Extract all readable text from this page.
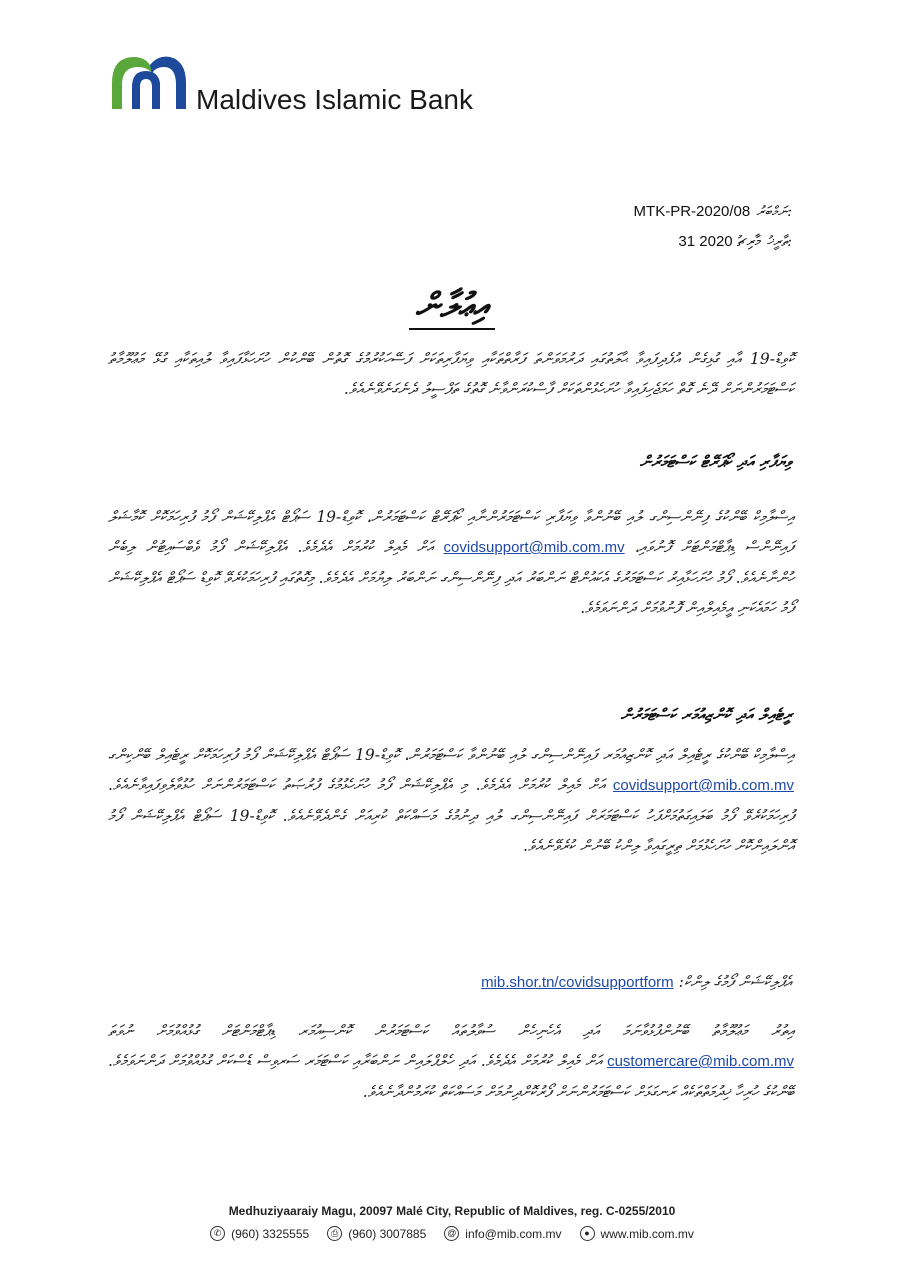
Maldives Islamic Bank
MTK-PR-2020/08 ނަމްބަރު:
31 މާރިޗު 2020 ތާރީޚު:
އިޢުލާން
ކޮވިޑް-19 އާއި ގުޅިގެން އުފެދިފައިވާ ޙާލަތުގައި ދަރުމަވަންތަ ފަރާތްތަކާއި ވިޔަފާރިތަކަށް ފަސޭހަކުރުމުގެ ގޮތުން ބޭންކުން ހުށަހަޅާފައިވާ ލުއިތަކާއި ގުޅޭ މަޢުލޫމާތު ކަސްޓަމަރުންނަށް ދޭނެ ގޮތް ހަމަޖެހިފައިވާ ހުށަހެޅުންތަކަށް ފާސްކުރަންވާނެ ގޮތުގެ ތަފްސީލު ދެނެގަނެވޭނެއެވެ.
ވިޔަފާރި އަދި ކޯޕަރޭޓް ކަސްޓަމަރުން
އިސްލާމިކް ބޭންކުގެ ފިނޭންސިންގ ލުއި ބޭނުންވާ ވިޔަފާރި ކަސްޓަމަރުންނާއި ކޯޕަރޭޓް ކަސްޓަމަރުން، ކޮވިޑް-19 ސަޕޯޓް އެޕްލިކޭޝަން ފޯމު ފުރިހަމަކޮށް ކޮމާޝަލް ފައިނޭންސް ޑިޕާޓްމަންޓަށް ފޮނުވައި، covidsupport@mib.com.mv އަށް މެއިލް ކުރުމަށް އެދެމެވެ. އެޕްލިކޭޝަން ފޯމު ވެބްސައިޓުން ލިބެން ހުންނާނެއެވެ. ފޯމު ހުށަހަޅާއިރު ކަސްޓަމަރުގެ އެކައުންޓް ނަންބަރު އަދި ފިނޭންސިންގ ނަންބަރު ލިޔުމަށް އެދެމެވެ. މިގޮތުގައި ފުރިހަމަކުރެވޭ ކޮވިޑް ސަޕޯޓް އެޕްލިކޭޝަން ފޯމު ހަމައެކަނި އީމެއިލްއިން ފޮނުވުމަށް ދަންނަވަމެވެ.
ރީޓެއިލް އަދި ކޮންޒިއުމަރ ކަސްޓަމަރުން
އިސްލާމިކް ބޭންކުގެ ރީޓެއިލް އަދި ކޮންޒިއުމަރ ފައިނޭންސިންގ ލުއި ބޭނުންވާ ކަސްޓަމަރުން، ކޮވިޑް-19 ސަޕޯޓް އެޕްލިކޭޝަން ފޯމު ފުރިހަމަކޮށް ރީޓެއިލް ބޭންކިންގ covidsupport@mib.com.mv އަށް މެއިލް ކުރުމަށް އެދެމެވެ. މި އެޕްލިކޭޝަން ފޯމު ހުށަހެޅުމުގެ ފުރުޞަތު ކަސްޓަމަރުންނަށް ހުޅުވާލެވިފައިވާނެއެވެ. ފުރިހަމަކުރެވޭ ފޯމު ބަލައިގަތުމަށްފަހު ކަސްޓަމަރަށް ފައިނޭންސިންގ ލުއި ދިނުމުގެ މަސައްކަތް ކުރިއަށް ގެންދެވޭނެއެވެ. ކޮވިޑް-19 ސަޕޯޓް އެޕްލިކޭޝަން ފޯމު އޮންލައިންކޮށް ހުށަހެޅުމަށް ތިރީގައިވާ ލިންކު ބޭނުން ކުރެވޭނެއެވެ.
އެޕްލިކޭޝަން ފޯމުގެ ލިންކް: mib.shor.tn/covidsupportform
އިތުރު މަޢުލޫމާތު ބޭނުންފުޅުވާނަމަ އަދި އެހެނިހެން ސުވާލުތައް ކަސްޓަމަރުން ކޮންސިއުމަރ ޑިޕާޓްމަންޓަށް ގުޅުއްވުމަށް ނުވަތަ customercare@mib.com.mv އަށް މެއިލް ކުރުމަށް އެދެމެވެ. އަދި ހެލްޕްލައިން ނަންބަރާއި ކަސްޓަމަރ ސަރވިސް ޑެސްކަށް ގުޅުއްވުމަށް ދަންނަވަމެވެ. ބޭންކުގެ ހުރިހާ ޚިދުމަތްތަކެއް ރަނގަޅަށް ކަސްޓަމަރުންނަށް ފޯރުކޮށްދިނުމަށް މަސައްކަތް ކުރަމުންދާނެއެވެ.
Medhuziyaaraiy Magu, 20097 Malé City, Republic of Maldives, reg. C-0255/2010
✆ (960) 3325555	⎙ (960) 3007885	@ info@mib.com.mv	● www.mib.com.mv
